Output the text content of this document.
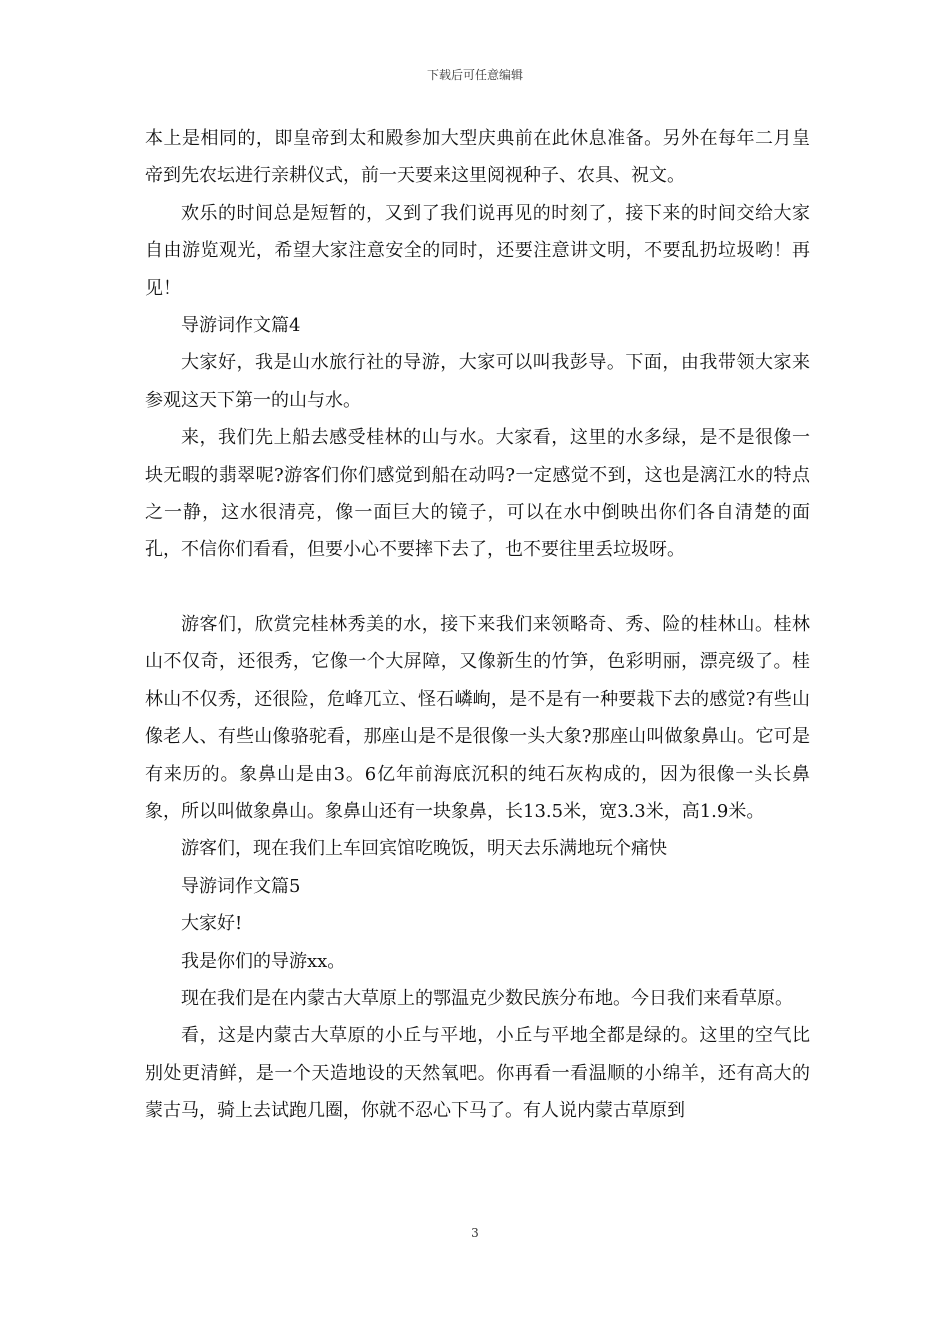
下载后可任意编辑

本上是相同的，即皇帝到太和殿参加大型庆典前在此休息准备。另外在每年二月皇帝到先农坛进行亲耕仪式，前一天要来这里阅视种子、农具、祝文。

欢乐的时间总是短暂的，又到了我们说再见的时刻了，接下来的时间交给大家自由游览观光，希望大家注意安全的同时，还要注意讲文明，不要乱扔垃圾哟！再见！

导游词作文篇4

大家好，我是山水旅行社的导游，大家可以叫我彭导。下面，由我带领大家来参观这天下第一的山与水。

来，我们先上船去感受桂林的山与水。大家看，这里的水多绿，是不是很像一块无暇的翡翠呢?游客们你们感觉到船在动吗?一定感觉不到，这也是漓江水的特点之一静，这水很清亮，像一面巨大的镜子，可以在水中倒映出你们各自清楚的面孔，不信你们看看，但要小心不要摔下去了，也不要往里丢垃圾呀。

游客们，欣赏完桂林秀美的水，接下来我们来领略奇、秀、险的桂林山。桂林山不仅奇，还很秀，它像一个大屏障，又像新生的竹笋，色彩明丽，漂亮级了。桂林山不仅秀，还很险，危峰兀立、怪石嶙峋，是不是有一种要栽下去的感觉?有些山像老人、有些山像骆驼看，那座山是不是很像一头大象?那座山叫做象鼻山。它可是有来历的。象鼻山是由3。6亿年前海底沉积的纯石灰构成的，因为很像一头长鼻象，所以叫做象鼻山。象鼻山还有一块象鼻，长13.5米，宽3.3米，高1.9米。

游客们，现在我们上车回宾馆吃晚饭，明天去乐满地玩个痛快

导游词作文篇5

大家好!

我是你们的导游xx。

现在我们是在内蒙古大草原上的鄂温克少数民族分布地。今日我们来看草原。

看，这是内蒙古大草原的小丘与平地，小丘与平地全都是绿的。这里的空气比别处更清鲜，是一个天造地设的天然氧吧。你再看一看温顺的小绵羊，还有高大的蒙古马，骑上去试跑几圈，你就不忍心下马了。有人说内蒙古草原到

3
